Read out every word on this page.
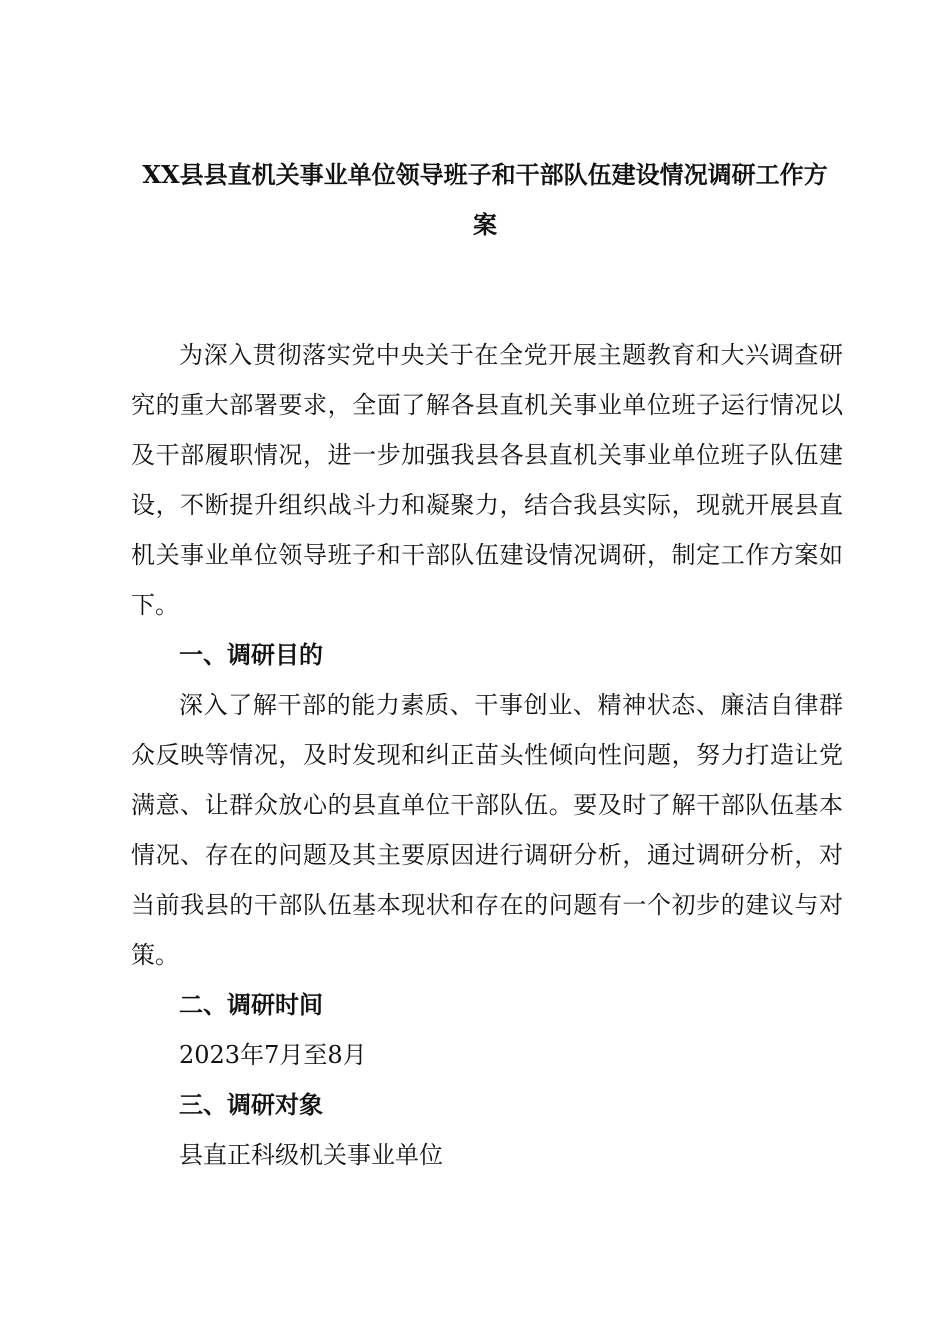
XX县县直机关事业单位领导班子和干部队伍建设情况调研工作方
案

为深入贯彻落实党中央关于在全党开展主题教育和大兴调查研究的重大部署要求，全面了解各县直机关事业单位班子运行情况以及干部履职情况，进一步加强我县各县直机关事业单位班子队伍建设，不断提升组织战斗力和凝聚力，结合我县实际，现就开展县直机关事业单位领导班子和干部队伍建设情况调研，制定工作方案如下。

一、调研目的

深入了解干部的能力素质、干事创业、精神状态、廉洁自律群众反映等情况，及时发现和纠正苗头性倾向性问题，努力打造让党满意、让群众放心的县直单位干部队伍。要及时了解干部队伍基本情况、存在的问题及其主要原因进行调研分析，通过调研分析，对当前我县的干部队伍基本现状和存在的问题有一个初步的建议与对策。

二、调研时间

2023年7月至8月

三、调研对象

县直正科级机关事业单位
